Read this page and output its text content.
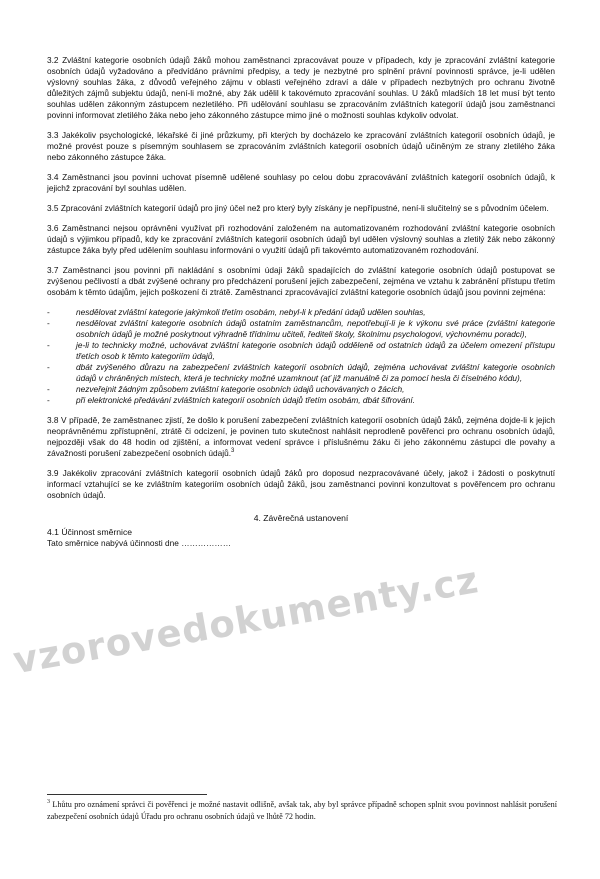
3.2 Zvláštní kategorie osobních údajů žáků mohou zaměstnanci zpracovávat pouze v případech, kdy je zpracování zvláštní kategorie osobních údajů vyžadováno a předvídáno právními předpisy, a tedy je nezbytné pro splnění právní povinnosti správce, je-li udělen výslovný souhlas žáka, z důvodů veřejného zájmu v oblasti veřejného zdraví a dále v případech nezbytných pro ochranu životně důležitých zájmů subjektu údajů, není-li možné, aby žák udělil k takovémuto zpracování souhlas. U žáků mladších 18 let musí být tento souhlas udělen zákonným zástupcem nezletilého. Při udělování souhlasu se zpracováním zvláštních kategorií údajů jsou zaměstnanci povinni informovat zletilého žáka nebo jeho zákonného zástupce mimo jiné o možnosti souhlas kdykoliv odvolat.

3.3 Jakékoliv psychologické, lékařské či jiné průzkumy, při kterých by docházelo ke zpracování zvláštních kategorií osobních údajů, je možné provést pouze s písemným souhlasem se zpracováním zvláštních kategorií osobních údajů učiněným ze strany zletilého žáka nebo zákonného zástupce žáka.

3.4 Zaměstnanci jsou povinni uchovat písemně udělené souhlasy po celou dobu zpracovávání zvláštních kategorií osobních údajů, k jejichž zpracování byl souhlas udělen.

3.5 Zpracování zvláštních kategorií údajů pro jiný účel než pro který byly získány je nepřípustné, není-li slučitelný se s původním účelem.

3.6 Zaměstnanci nejsou oprávněni využívat při rozhodování založeném na automatizovaném rozhodování zvláštní kategorie osobních údajů s výjimkou případů, kdy ke zpracování zvláštních kategorií osobních údajů byl udělen výslovný souhlas a zletilý žák nebo zákonný zástupce žáka byly před udělením souhlasu informováni o využití údajů při takovémto automatizovaném rozhodování.

3.7 Zaměstnanci jsou povinni při nakládání s osobními údaji žáků spadajících do zvláštní kategorie osobních údajů postupovat se zvýšenou pečlivostí a dbát zvýšené ochrany pro předcházení porušení jejich zabezpečení, zejména ve vztahu k zabránění přístupu třetím osobám k těmto údajům, jejich poškození či ztrátě. Zaměstnanci zpracovávající zvláštní kategorie osobních údajů jsou povinni zejména:

-	nesdělovat zvláštní kategorie jakýmkoli třetím osobám, nebyl-li k předání údajů udělen souhlas,
-	nesdělovat zvláštní kategorie osobních údajů ostatním zaměstnancům, nepotřebují-li je k výkonu své práce (zvláštní kategorie osobních údajů je možné poskytnout výhradně třídnímu učiteli, řediteli školy, školnímu psychologovi, výchovnému poradci),
-	je-li to technicky možné, uchovávat zvláštní kategorie osobních údajů odděleně od ostatních údajů za účelem omezení přístupu třetích osob k těmto kategoriím údajů,
-	dbát zvýšeného důrazu na zabezpečení zvláštních kategorií osobních údajů, zejména uchovávat zvláštní kategorie osobních údajů v chráněných místech, která je technicky možné uzamknout (ať již manuálně či za pomocí hesla či číselného kódu),
-	nezveřejnit žádným způsobem zvláštní kategorie osobních údajů uchovávaných o žácích,
-	při elektronické předávání zvláštních kategorií osobních údajů třetím osobám, dbát šifrování.

3.8 V případě, že zaměstnanec zjistí, že došlo k porušení zabezpečení zvláštních kategorií osobních údajů žáků, zejména dojde-li k jejich neoprávněnému zpřístupnění, ztrátě či odcizení, je povinen tuto skutečnost nahlásit neprodleně pověřenci pro ochranu osobních údajů, nejpozději však do 48 hodin od zjištění, a informovat vedení správce i příslušnému žáku či jeho zákonnému zástupci dle povahy a závažnosti porušení zabezpečení osobních údajů.$^3$

3.9 Jakékoliv zpracování zvláštních kategorií osobních údajů žáků pro doposud nezpracovávané účely, jakož i žádosti o poskytnutí informací vztahující se ke zvláštním kategoriím osobních údajů žáků, jsou zaměstnanci povinni konzultovat s pověřencem pro ochranu osobních údajů.

4. Závěrečná ustanovení
4.1 Účinnost směrnice
Tato směrnice nabývá účinnosti dne ………………

$^3$ Lhůtu pro oznámení správci či pověřenci je možné nastavit odlišně, avšak tak, aby byl správce případně schopen splnit svou povinnost nahlásit porušení zabezpečení osobních údajů Úřadu pro ochranu osobních údajů ve lhůtě 72 hodin.

vzorovedokumenty.cz
